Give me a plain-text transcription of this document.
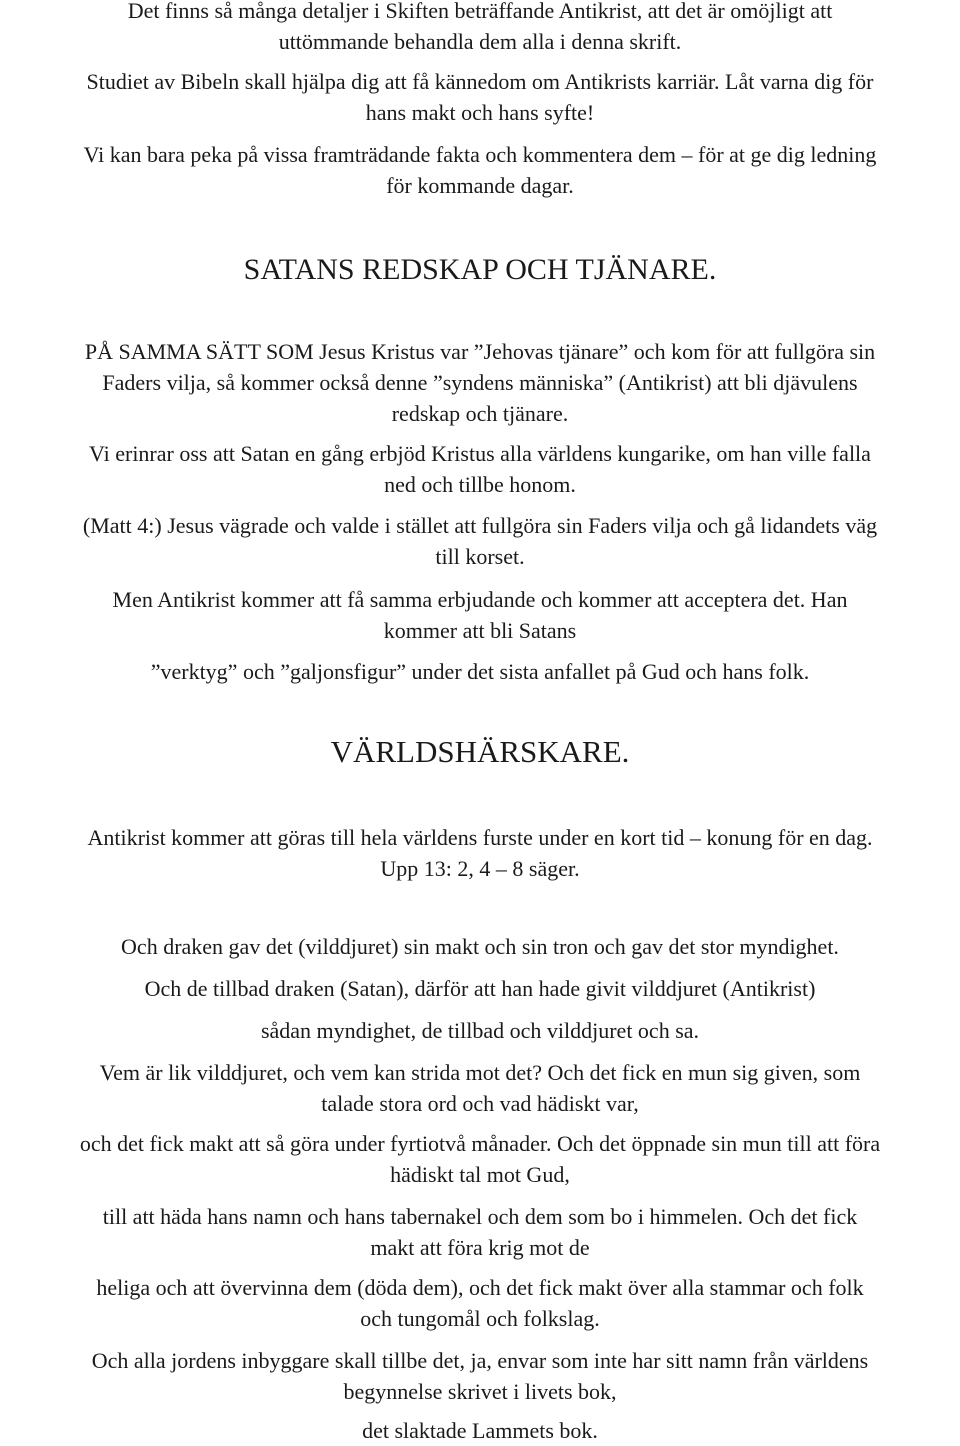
Det finns så många detaljer i Skiften beträffande Antikrist, att det är omöjligt att
uttömmande behandla dem alla i denna skrift.

Studiet av Bibeln skall hjälpa dig att få kännedom om Antikrists karriär. Låt varna dig för
hans makt och hans syfte!

Vi kan bara peka på vissa framträdande fakta och kommentera dem – för at ge dig ledning
för kommande dagar.

SATANS REDSKAP OCH TJÄNARE.

PÅ SAMMA SÄTT SOM Jesus Kristus var ”Jehovas tjänare” och kom för att fullgöra sin
Faders vilja, så kommer också denne ”syndens människa” (Antikrist) att bli djävulens
redskap och tjänare.

Vi erinrar oss att Satan en gång erbjöd Kristus alla världens kungarike, om han ville falla
ned och tillbe honom.

(Matt 4:) Jesus vägrade och valde i stället att fullgöra sin Faders vilja och gå lidandets väg
till korset.

Men Antikrist kommer att få samma erbjudande och kommer att acceptera det. Han
kommer att bli Satans

”verktyg” och ”galjonsfigur” under det sista anfallet på Gud och hans folk.

VÄRLDSHÄRSKARE.

Antikrist kommer att göras till hela världens furste under en kort tid – konung för en dag.
Upp 13: 2, 4 – 8 säger.

Och draken gav det (vilddjuret) sin makt och sin tron och gav det stor myndighet.

Och de tillbad draken (Satan), därför att han hade givit vilddjuret (Antikrist)

sådan myndighet, de tillbad och vilddjuret och sa.

Vem är lik vilddjuret, och vem kan strida mot det? Och det fick en mun sig given, som
talade stora ord och vad hädiskt var,

och det fick makt att så göra under fyrtiotvå månader. Och det öppnade sin mun till att föra
hädiskt tal mot Gud,

till att häda hans namn och hans tabernakel och dem som bo i himmelen. Och det fick
makt att föra krig mot de

heliga och att övervinna dem (döda dem), och det fick makt över alla stammar och folk
och tungomål och folkslag.

Och alla jordens inbyggare skall tillbe det, ja, envar som inte har sitt namn från världens
begynnelse skrivet i livets bok,

det slaktade Lammets bok.
